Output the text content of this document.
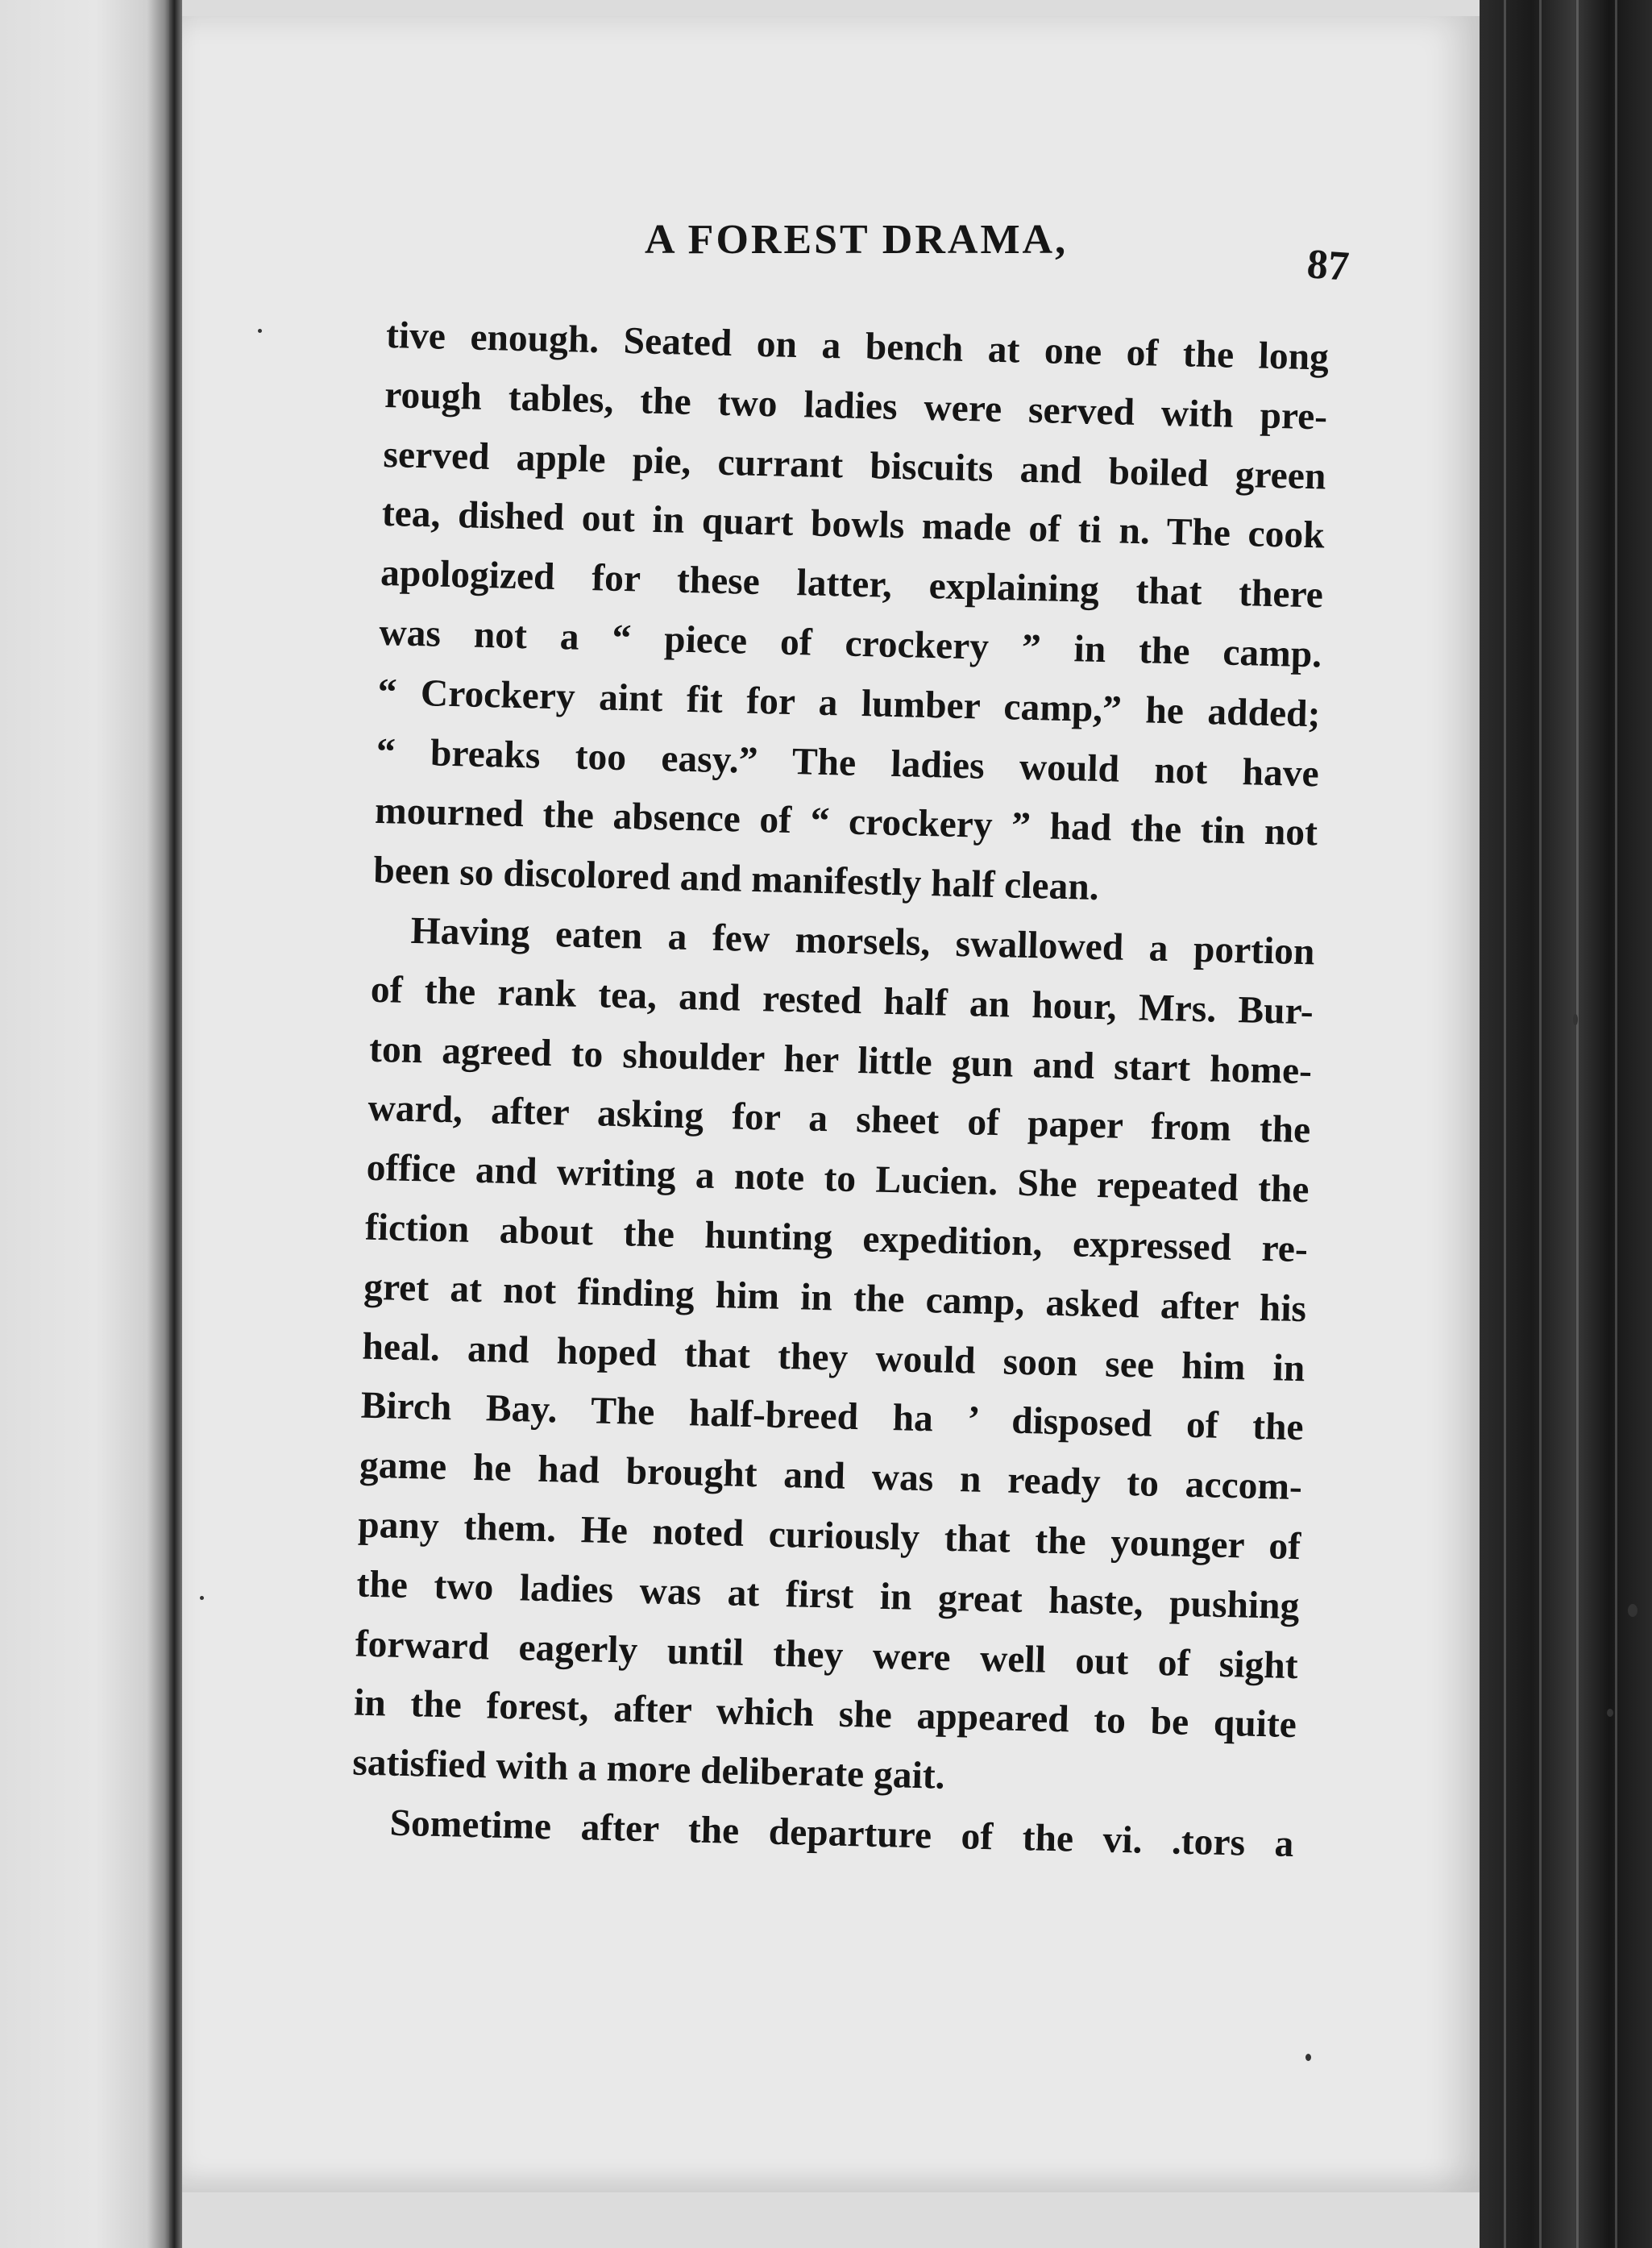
A FOREST DRAMA,
87
tive enough. Seated on a bench at one of the long
rough tables, the two ladies were served with pre-
served apple pie, currant biscuits and boiled green
tea, dished out in quart bowls made of ti n. The cook
apologized for these latter, explaining that there
was not a “ piece of crockery ” in the camp.
“ Crockery aint fit for a lumber camp,” he added;
“ breaks too easy.” The ladies would not have
mourned the absence of “ crockery ” had the tin not
been so discolored and manifestly half clean.
Having eaten a few morsels, swallowed a portion
of the rank tea, and rested half an hour, Mrs. Bur-
ton agreed to shoulder her little gun and start home-
ward, after asking for a sheet of paper from the
office and writing a note to Lucien. She repeated the
fiction about the hunting expedition, expressed re-
gret at not finding him in the camp, asked after his
heal. and hoped that they would soon see him in
Birch Bay. The half-breed ha ’ disposed of the
game he had brought and was n ready to accom-
pany them. He noted curiously that the younger of
the two ladies was at first in great haste, pushing
forward eagerly until they were well out of sight
in the forest, after which she appeared to be quite
satisfied with a more deliberate gait.
Sometime after the departure of the vi. .tors a
